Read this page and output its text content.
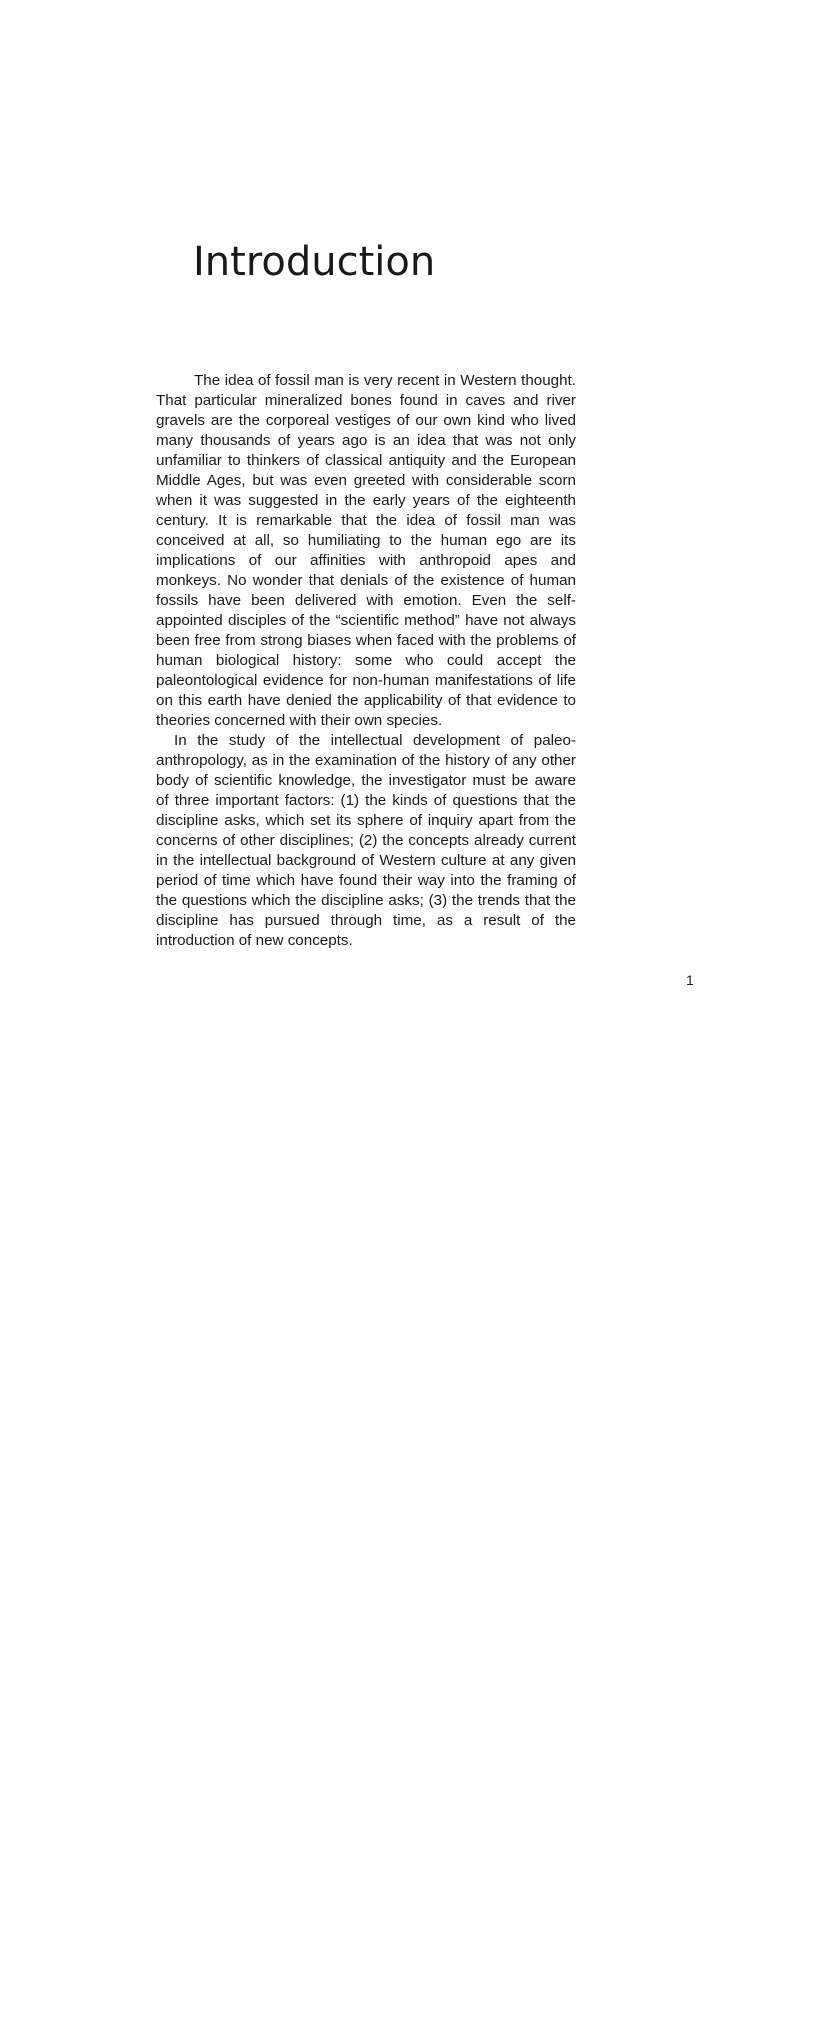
Introduction

The idea of fossil man is very recent in Western thought. That particular mineralized bones found in caves and river gravels are the corporeal vestiges of our own kind who lived many thousands of years ago is an idea that was not only unfamiliar to thinkers of classical antiquity and the European Middle Ages, but was even greeted with considerable scorn when it was suggested in the early years of the eighteenth century. It is remarkable that the idea of fossil man was conceived at all, so humiliating to the human ego are its implications of our affinities with anthropoid apes and monkeys. No wonder that denials of the existence of human fossils have been delivered with emotion. Even the self-appointed disciples of the “scientific method” have not always been free from strong biases when faced with the problems of human biological history: some who could accept the paleontological evidence for non-human manifestations of life on this earth have denied the applicability of that evidence to theories concerned with their own species.

In the study of the intellectual development of paleoanthropology, as in the examination of the history of any other body of scientific knowledge, the investigator must be aware of three important factors: (1) the kinds of questions that the discipline asks, which set its sphere of inquiry apart from the concerns of other disciplines; (2) the concepts already current in the intellectual background of Western culture at any given period of time which have found their way into the framing of the questions which the discipline asks; (3) the trends that the discipline has pursued through time, as a result of the introduction of new concepts.

1
